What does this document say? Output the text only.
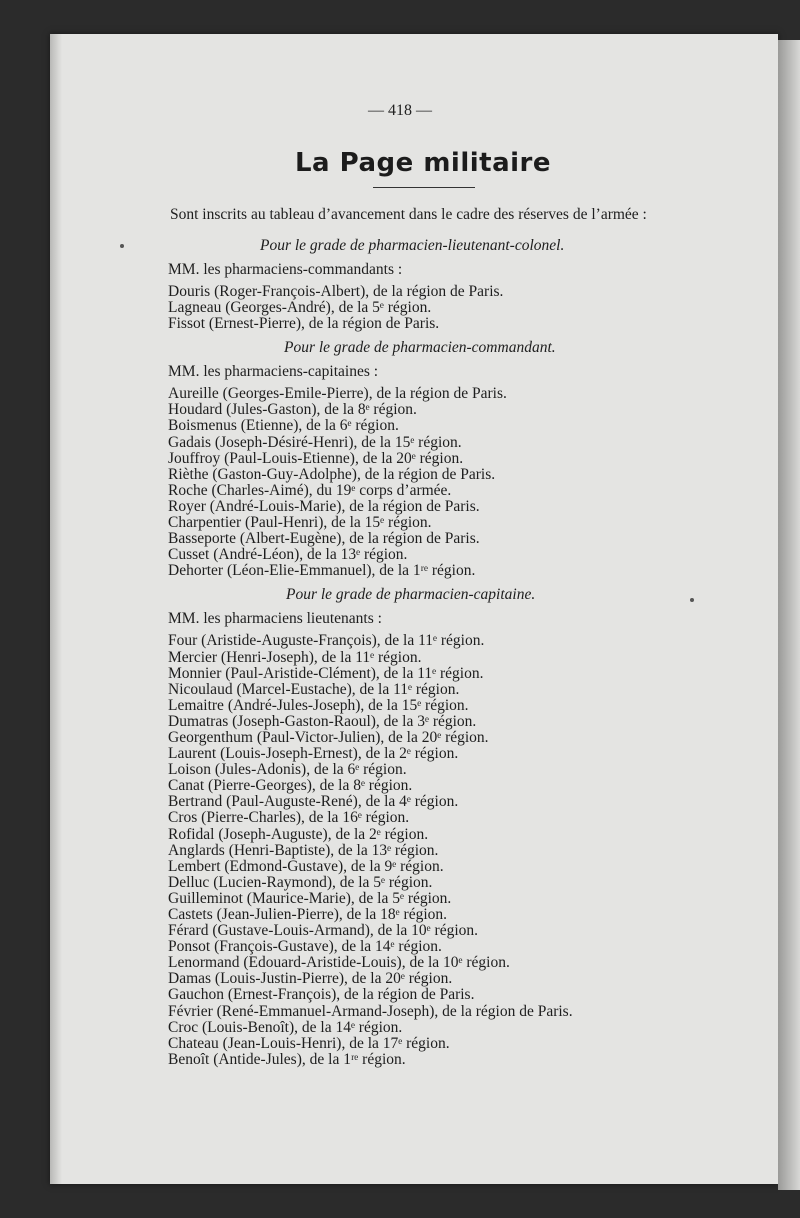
— 418 —
La Page militaire
Sont inscrits au tableau d’avancement dans le cadre des réserves de l’armée :
Pour le grade de pharmacien-lieutenant-colonel.
MM. les pharmaciens-commandants :
Douris (Roger-François-Albert), de la région de Paris.
Lagneau (Georges-André), de la 5ᵉ région.
Fissot (Ernest-Pierre), de la région de Paris.
Pour le grade de pharmacien-commandant.
MM. les pharmaciens-capitaines :
Aureille (Georges-Emile-Pierre), de la région de Paris.
Houdard (Jules-Gaston), de la 8ᵉ région.
Boismenus (Etienne), de la 6ᵉ région.
Gadais (Joseph-Désiré-Henri), de la 15ᵉ région.
Jouffroy (Paul-Louis-Etienne), de la 20ᵉ région.
Rièthe (Gaston-Guy-Adolphe), de la région de Paris.
Roche (Charles-Aimé), du 19ᵉ corps d’armée.
Royer (André-Louis-Marie), de la région de Paris.
Charpentier (Paul-Henri), de la 15ᵉ région.
Basseporte (Albert-Eugène), de la région de Paris.
Cusset (André-Léon), de la 13ᵉ région.
Dehorter (Léon-Elie-Emmanuel), de la 1ʳᵉ région.
Pour le grade de pharmacien-capitaine.
MM. les pharmaciens lieutenants :
Four (Aristide-Auguste-François), de la 11ᵉ région.
Mercier (Henri-Joseph), de la 11ᵉ région.
Monnier (Paul-Aristide-Clément), de la 11ᵉ région.
Nicoulaud (Marcel-Eustache), de la 11ᵉ région.
Lemaitre (André-Jules-Joseph), de la 15ᵉ région.
Dumatras (Joseph-Gaston-Raoul), de la 3ᵉ région.
Georgenthum (Paul-Victor-Julien), de la 20ᵉ région.
Laurent (Louis-Joseph-Ernest), de la 2ᵉ région.
Loison (Jules-Adonis), de la 6ᵉ région.
Canat (Pierre-Georges), de la 8ᵉ région.
Bertrand (Paul-Auguste-René), de la 4ᵉ région.
Cros (Pierre-Charles), de la 16ᵉ région.
Rofidal (Joseph-Auguste), de la 2ᵉ région.
Anglards (Henri-Baptiste), de la 13ᵉ région.
Lembert (Edmond-Gustave), de la 9ᵉ région.
Delluc (Lucien-Raymond), de la 5ᵉ région.
Guilleminot (Maurice-Marie), de la 5ᵉ région.
Castets (Jean-Julien-Pierre), de la 18ᵉ région.
Férard (Gustave-Louis-Armand), de la 10ᵉ région.
Ponsot (François-Gustave), de la 14ᵉ région.
Lenormand (Edouard-Aristide-Louis), de la 10ᵉ région.
Damas (Louis-Justin-Pierre), de la 20ᵉ région.
Gauchon (Ernest-François), de la région de Paris.
Février (René-Emmanuel-Armand-Joseph), de la région de Paris.
Croc (Louis-Benoît), de la 14ᵉ région.
Chateau (Jean-Louis-Henri), de la 17ᵉ région.
Benoît (Antide-Jules), de la 1ʳᵉ région.
